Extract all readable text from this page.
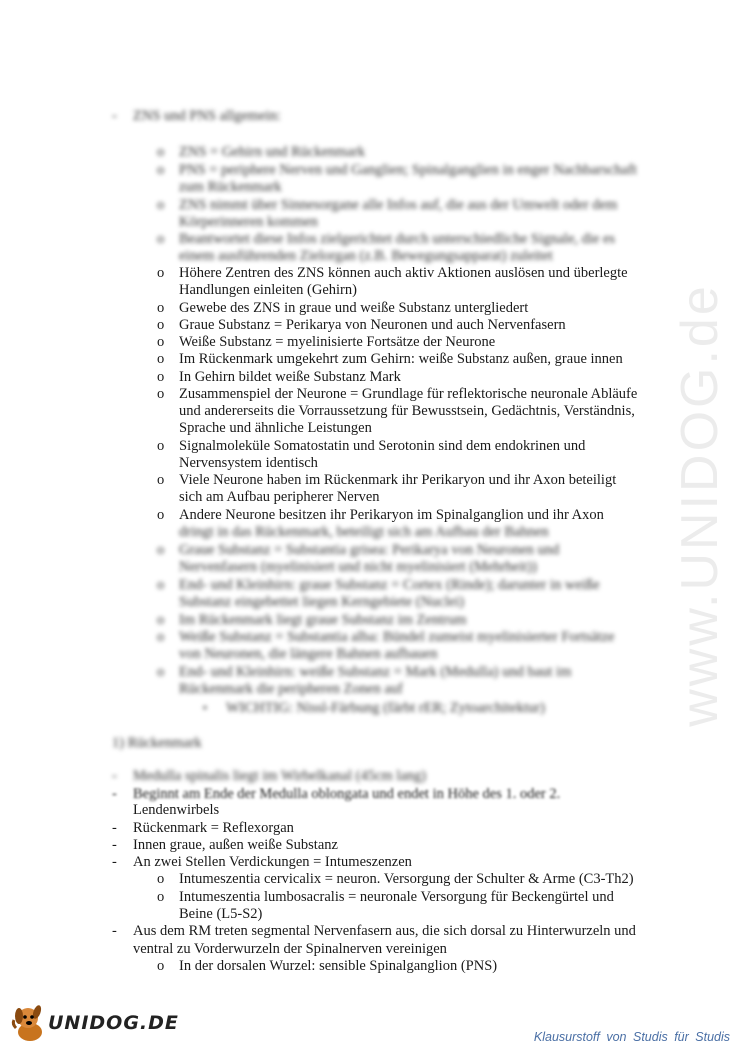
www.UNIDOG.de
- ZNS und PNS allgemein:
o ZNS = Gehirn und Rückenmark
o PNS = periphere Nerven und Ganglien; Spinalganglien in enger Nachbarschaft
zum Rückenmark
o ZNS nimmt über Sinnesorgane alle Infos auf, die aus der Umwelt oder dem
Körperinneren kommen
o Beantwortet diese Infos zielgerichtet durch unterschiedliche Signale, die es
einem ausführenden Zielorgan (z.B. Bewegungsapparat) zuleitet
o Höhere Zentren des ZNS können auch aktiv Aktionen auslösen und überlegte
Handlungen einleiten (Gehirn)
o Gewebe des ZNS in graue und weiße Substanz untergliedert
o Graue Substanz = Perikarya von Neuronen und auch Nervenfasern
o Weiße Substanz = myelinisierte Fortsätze der Neurone
o Im Rückenmark umgekehrt zum Gehirn: weiße Substanz außen, graue innen
o In Gehirn bildet weiße Substanz Mark
o Zusammenspiel der Neurone = Grundlage für reflektorische neuronale Abläufe
und andererseits die Vorraussetzung für Bewusstsein, Gedächtnis, Verständnis,
Sprache und ähnliche Leistungen
o Signalmoleküle Somatostatin und Serotonin sind dem endokrinen und
Nervensystem identisch
o Viele Neurone haben im Rückenmark ihr Perikaryon und ihr Axon beteiligt
sich am Aufbau peripherer Nerven
o Andere Neurone besitzen ihr Perikaryon im Spinalganglion und ihr Axon
dringt in das Rückenmark, beteiligt sich am Aufbau der Bahnen
o Graue Substanz = Substantia grisea: Perikarya von Neuronen und
Nervenfasern (myelinisiert und nicht myelinisiert (Mehrheit))
o End- und Kleinhirn: graue Substanz = Cortex (Rinde); darunter in weiße
Substanz eingebettet liegen Kerngebiete (Nuclei)
o Im Rückenmark liegt graue Substanz im Zentrum
o Weiße Substanz = Substantia alba: Bündel zumeist myelinisierter Fortsätze
von Neuronen, die längere Bahnen aufbauen
o End- und Kleinhirn: weiße Substanz = Mark (Medulla) und baut im
Rückenmark die peripheren Zonen auf
▪ WICHTIG: Nissl-Färbung (färbt rER; Zytoarchitektur)
1) Rückenmark
- Medulla spinalis liegt im Wirbelkanal (45cm lang)
- Beginnt am Ende der Medulla oblongata und endet in Höhe des 1. oder 2.
Lendenwirbels
- Rückenmark = Reflexorgan
- Innen graue, außen weiße Substanz
- An zwei Stellen Verdickungen = Intumeszenzen
o Intumeszentia cervicalix = neuron. Versorgung der Schulter & Arme (C3-Th2)
o Intumeszentia lumbosacralis = neuronale Versorgung für Beckengürtel und
Beine (L5-S2)
- Aus dem RM treten segmental Nervenfasern aus, die sich dorsal zu Hinterwurzeln und
ventral zu Vorderwurzeln der Spinalnerven vereinigen
o In der dorsalen Wurzel: sensible Spinalganglion (PNS)
UNIDOG.DE
Klausurstoff von Studis für Studis
